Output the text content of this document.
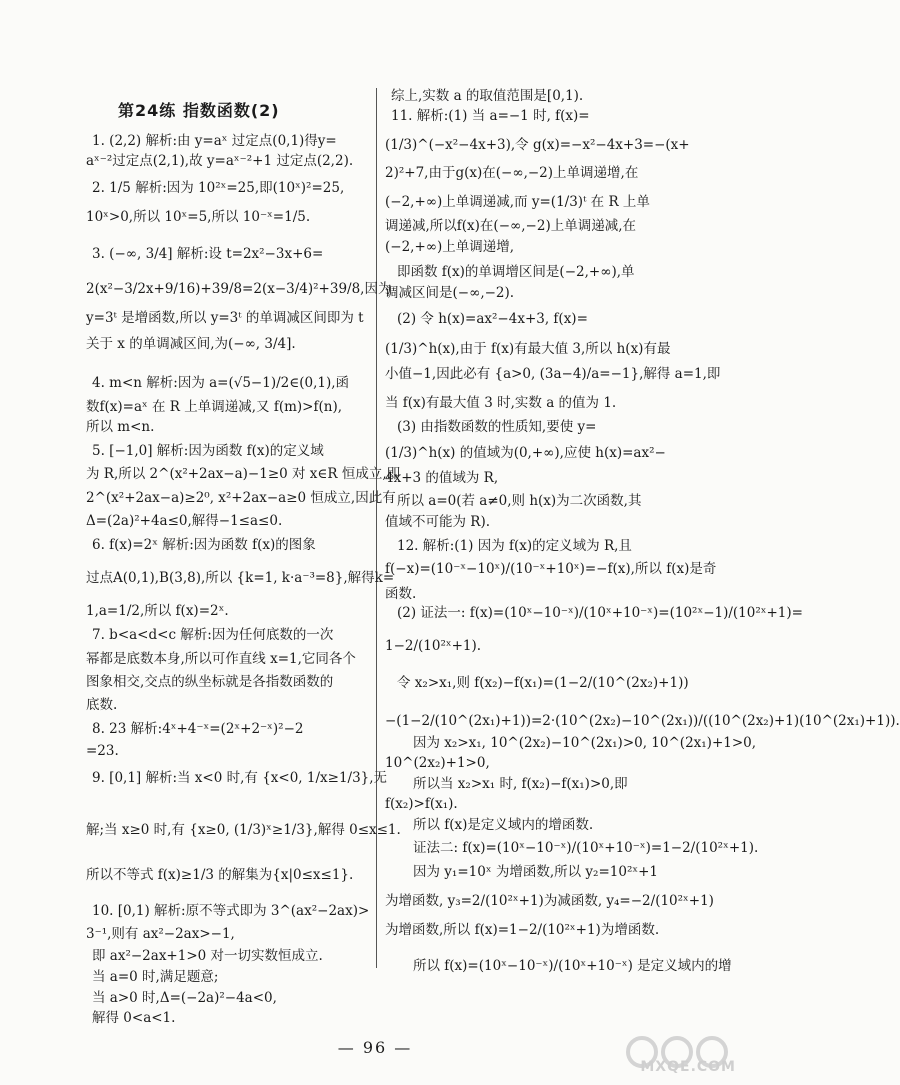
第24练 指数函数(2)
1. (2,2) 解析:由 y=aˣ 过定点(0,1)得y=
aˣ⁻²过定点(2,1),故 y=aˣ⁻²+1 过定点(2,2).
2. 1/5 解析:因为 10²ˣ=25,即(10ˣ)²=25,
10ˣ>0,所以 10ˣ=5,所以 10⁻ˣ=1/5.
3. (−∞, 3/4] 解析:设 t=2x²−3x+6=
2(x²−3/2x+9/16)+39/8=2(x−3/4)²+39/8,因为
y=3ᵗ 是增函数,所以 y=3ᵗ 的单调减区间即为 t
关于 x 的单调减区间,为(−∞, 3/4].
4. m<n 解析:因为 a=(√5−1)/2∈(0,1),函
数f(x)=aˣ 在 R 上单调递减,又 f(m)>f(n),
所以 m<n.
5. [−1,0] 解析:因为函数 f(x)的定义域
为 R,所以 2^(x²+2ax−a)−1≥0 对 x∈R 恒成立,即
2^(x²+2ax−a)≥2⁰, x²+2ax−a≥0 恒成立,因此有
Δ=(2a)²+4a≤0,解得−1≤a≤0.
6. f(x)=2ˣ 解析:因为函数 f(x)的图象
过点A(0,1),B(3,8),所以 {k=1, k·a⁻³=8},解得k=
1,a=1/2,所以 f(x)=2ˣ.
7. b<a<d<c 解析:因为任何底数的一次
幂都是底数本身,所以可作直线 x=1,它同各个
图象相交,交点的纵坐标就是各指数函数的
底数.
8. 23 解析:4ˣ+4⁻ˣ=(2ˣ+2⁻ˣ)²−2
=23.
9. [0,1] 解析:当 x<0 时,有 {x<0, 1/x≥1/3},无
解;当 x≥0 时,有 {x≥0, (1/3)ˣ≥1/3},解得 0≤x≤1.
所以不等式 f(x)≥1/3 的解集为{x|0≤x≤1}.
10. [0,1) 解析:原不等式即为 3^(ax²−2ax)>
3⁻¹,则有 ax²−2ax>−1,
即 ax²−2ax+1>0 对一切实数恒成立.
当 a=0 时,满足题意;
当 a>0 时,Δ=(−2a)²−4a<0,
解得 0<a<1.
综上,实数 a 的取值范围是[0,1).
11. 解析:(1) 当 a=−1 时, f(x)=
(1/3)^(−x²−4x+3),令 g(x)=−x²−4x+3=−(x+
2)²+7,由于g(x)在(−∞,−2)上单调递增,在
(−2,+∞)上单调递减,而 y=(1/3)ᵗ 在 R 上单
调递减,所以f(x)在(−∞,−2)上单调递减,在
(−2,+∞)上单调递增,
即函数 f(x)的单调增区间是(−2,+∞),单
调减区间是(−∞,−2).
(2) 令 h(x)=ax²−4x+3, f(x)=
(1/3)^h(x),由于 f(x)有最大值 3,所以 h(x)有最
小值−1,因此必有 {a>0, (3a−4)/a=−1},解得 a=1,即
当 f(x)有最大值 3 时,实数 a 的值为 1.
(3) 由指数函数的性质知,要使 y=
(1/3)^h(x) 的值域为(0,+∞),应使 h(x)=ax²−
4x+3 的值域为 R,
所以 a=0(若 a≠0,则 h(x)为二次函数,其
值域不可能为 R).
12. 解析:(1) 因为 f(x)的定义域为 R,且
f(−x)=(10⁻ˣ−10ˣ)/(10⁻ˣ+10ˣ)=−f(x),所以 f(x)是奇
函数.
(2) 证法一: f(x)=(10ˣ−10⁻ˣ)/(10ˣ+10⁻ˣ)=(10²ˣ−1)/(10²ˣ+1)=
1−2/(10²ˣ+1).
令 x₂>x₁,则 f(x₂)−f(x₁)=(1−2/(10^(2x₂)+1))
−(1−2/(10^(2x₁)+1))=2·(10^(2x₂)−10^(2x₁))/((10^(2x₂)+1)(10^(2x₁)+1)).
因为 x₂>x₁, 10^(2x₂)−10^(2x₁)>0, 10^(2x₁)+1>0,
10^(2x₂)+1>0,
所以当 x₂>x₁ 时, f(x₂)−f(x₁)>0,即
f(x₂)>f(x₁).
所以 f(x)是定义域内的增函数.
证法二: f(x)=(10ˣ−10⁻ˣ)/(10ˣ+10⁻ˣ)=1−2/(10²ˣ+1).
因为 y₁=10ˣ 为增函数,所以 y₂=10²ˣ+1
为增函数, y₃=2/(10²ˣ+1)为减函数, y₄=−2/(10²ˣ+1)
为增函数,所以 f(x)=1−2/(10²ˣ+1)为增函数.
所以 f(x)=(10ˣ−10⁻ˣ)/(10ˣ+10⁻ˣ) 是定义域内的增
— 96 —
MXQE.COM
